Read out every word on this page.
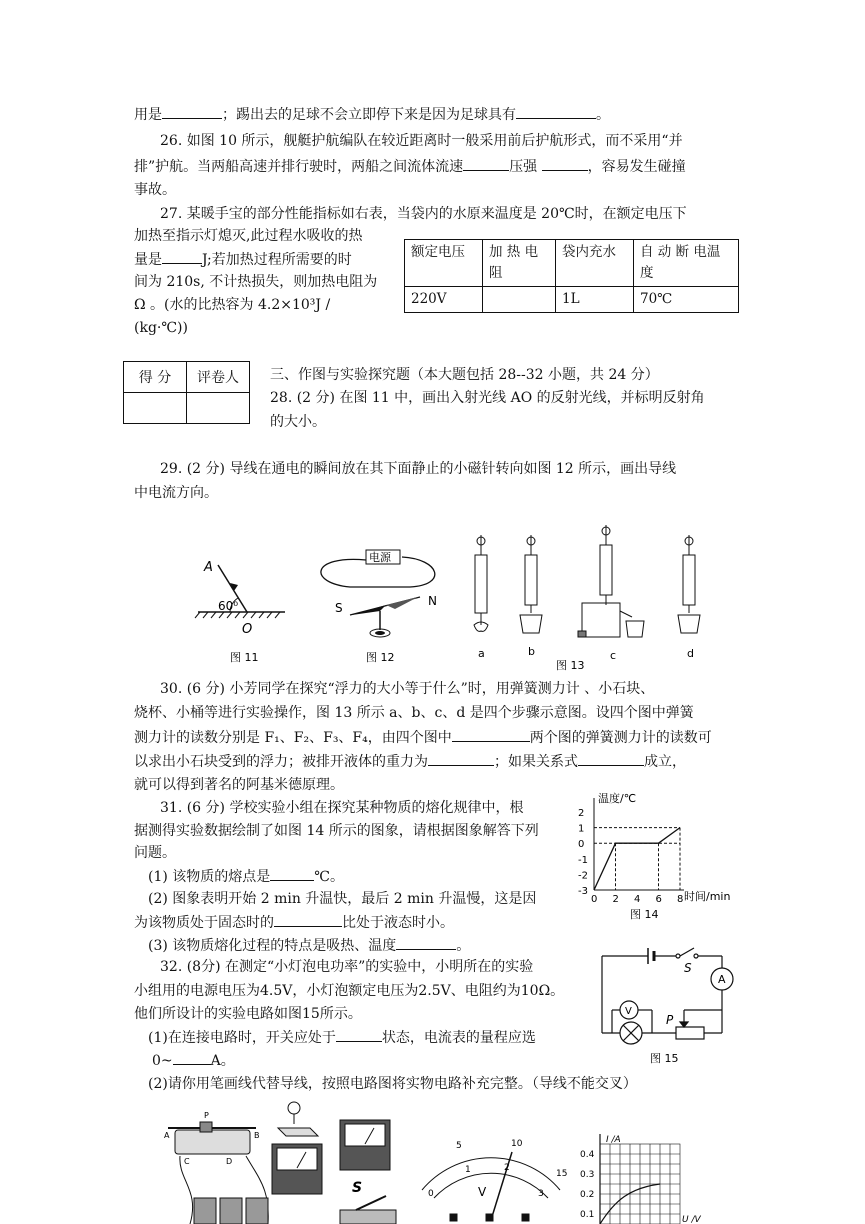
用是	；踢出去的足球不会立即停下来是因为足球具有	。
26. 如图 10 所示，舰艇护航编队在较近距离时一般采用前后护航形式，而不采用“并
排”护航。当两船高速并排行驶时，两船之间流体流速	压强	，容易发生碰撞
事故。
27. 某暖手宝的部分性能指标如右表，当袋内的水原来温度是 20℃时，在额定电压下
加热至指示灯熄灭,此过程水吸收的热
量是	J;若加热过程所需要的时
间为 210s, 不计热损失，则加热电阻为
Ω 。(水的比热容为 4.2×10³J /
(kg·℃))
额定电压	加 热 电阻	袋内充水	自 动 断 电温度
220V		1L	70℃
得 分	评卷人
	三、作图与实验探究题（本大题包括 28--32 小题，共 24 分）
28. (2 分) 在图 11 中，画出入射光线 AO 的反射光线，并标明反射角
的大小。
29. (2 分) 导线在通电的瞬间放在其下面静止的小磁针转向如图 12 所示，画出导线
中电流方向。
A
60⁰
O
图 11
电源
S	N
图 12	a	b	c	d
图 13
30. (6 分) 小芳同学在探究“浮力的大小等于什么”时，用弹簧测力计 、小石块、
烧杯、小桶等进行实验操作，图 13 所示 a、b、c、d 是四个步骤示意图。设四个图中弹簧
测力计的读数分别是 F₁、F₂、F₃、F₄，由四个图中	两个图的弹簧测力计的读数可
以求出小石块受到的浮力；被排开液体的重力为	；如果关系式	成立，
就可以得到著名的阿基米德原理。
31. (6 分) 学校实验小组在探究某种物质的熔化规律中，根
据测得实验数据绘制了如图 14 所示的图象，请根据图象解答下列
问题。
(1) 该物质的熔点是	℃。
(2) 图象表明开始 2 min 升温快，最后 2 min 升温慢，这是因
为该物质处于固态时的	比处于液态时小。
(3) 该物质熔化过程的特点是吸热、温度	。
温度/℃
时间/min
图 14
2
1
0
-1
-2
-3
0 2 4 6 8
32. (8分) 在测定“小灯泡电功率”的实验中，小明所在的实验
小组用的电源电压为4.5V，小灯泡额定电压为2.5V、电阻约为10Ω。
他们所设计的实验电路如图15所示。
(1)在连接电路时，开关应处于	状态，电流表的量程应选
0~	A。
(2)请你用笔画线代替导线，按照电路图将实物电路补充完整。（导线不能交叉）
S
A
V
P
图 15
P
A	B
C	D
S
5	10
15
0
1	2
3
V
I /A
0.4
0.3
0.2
0.1	U /V
